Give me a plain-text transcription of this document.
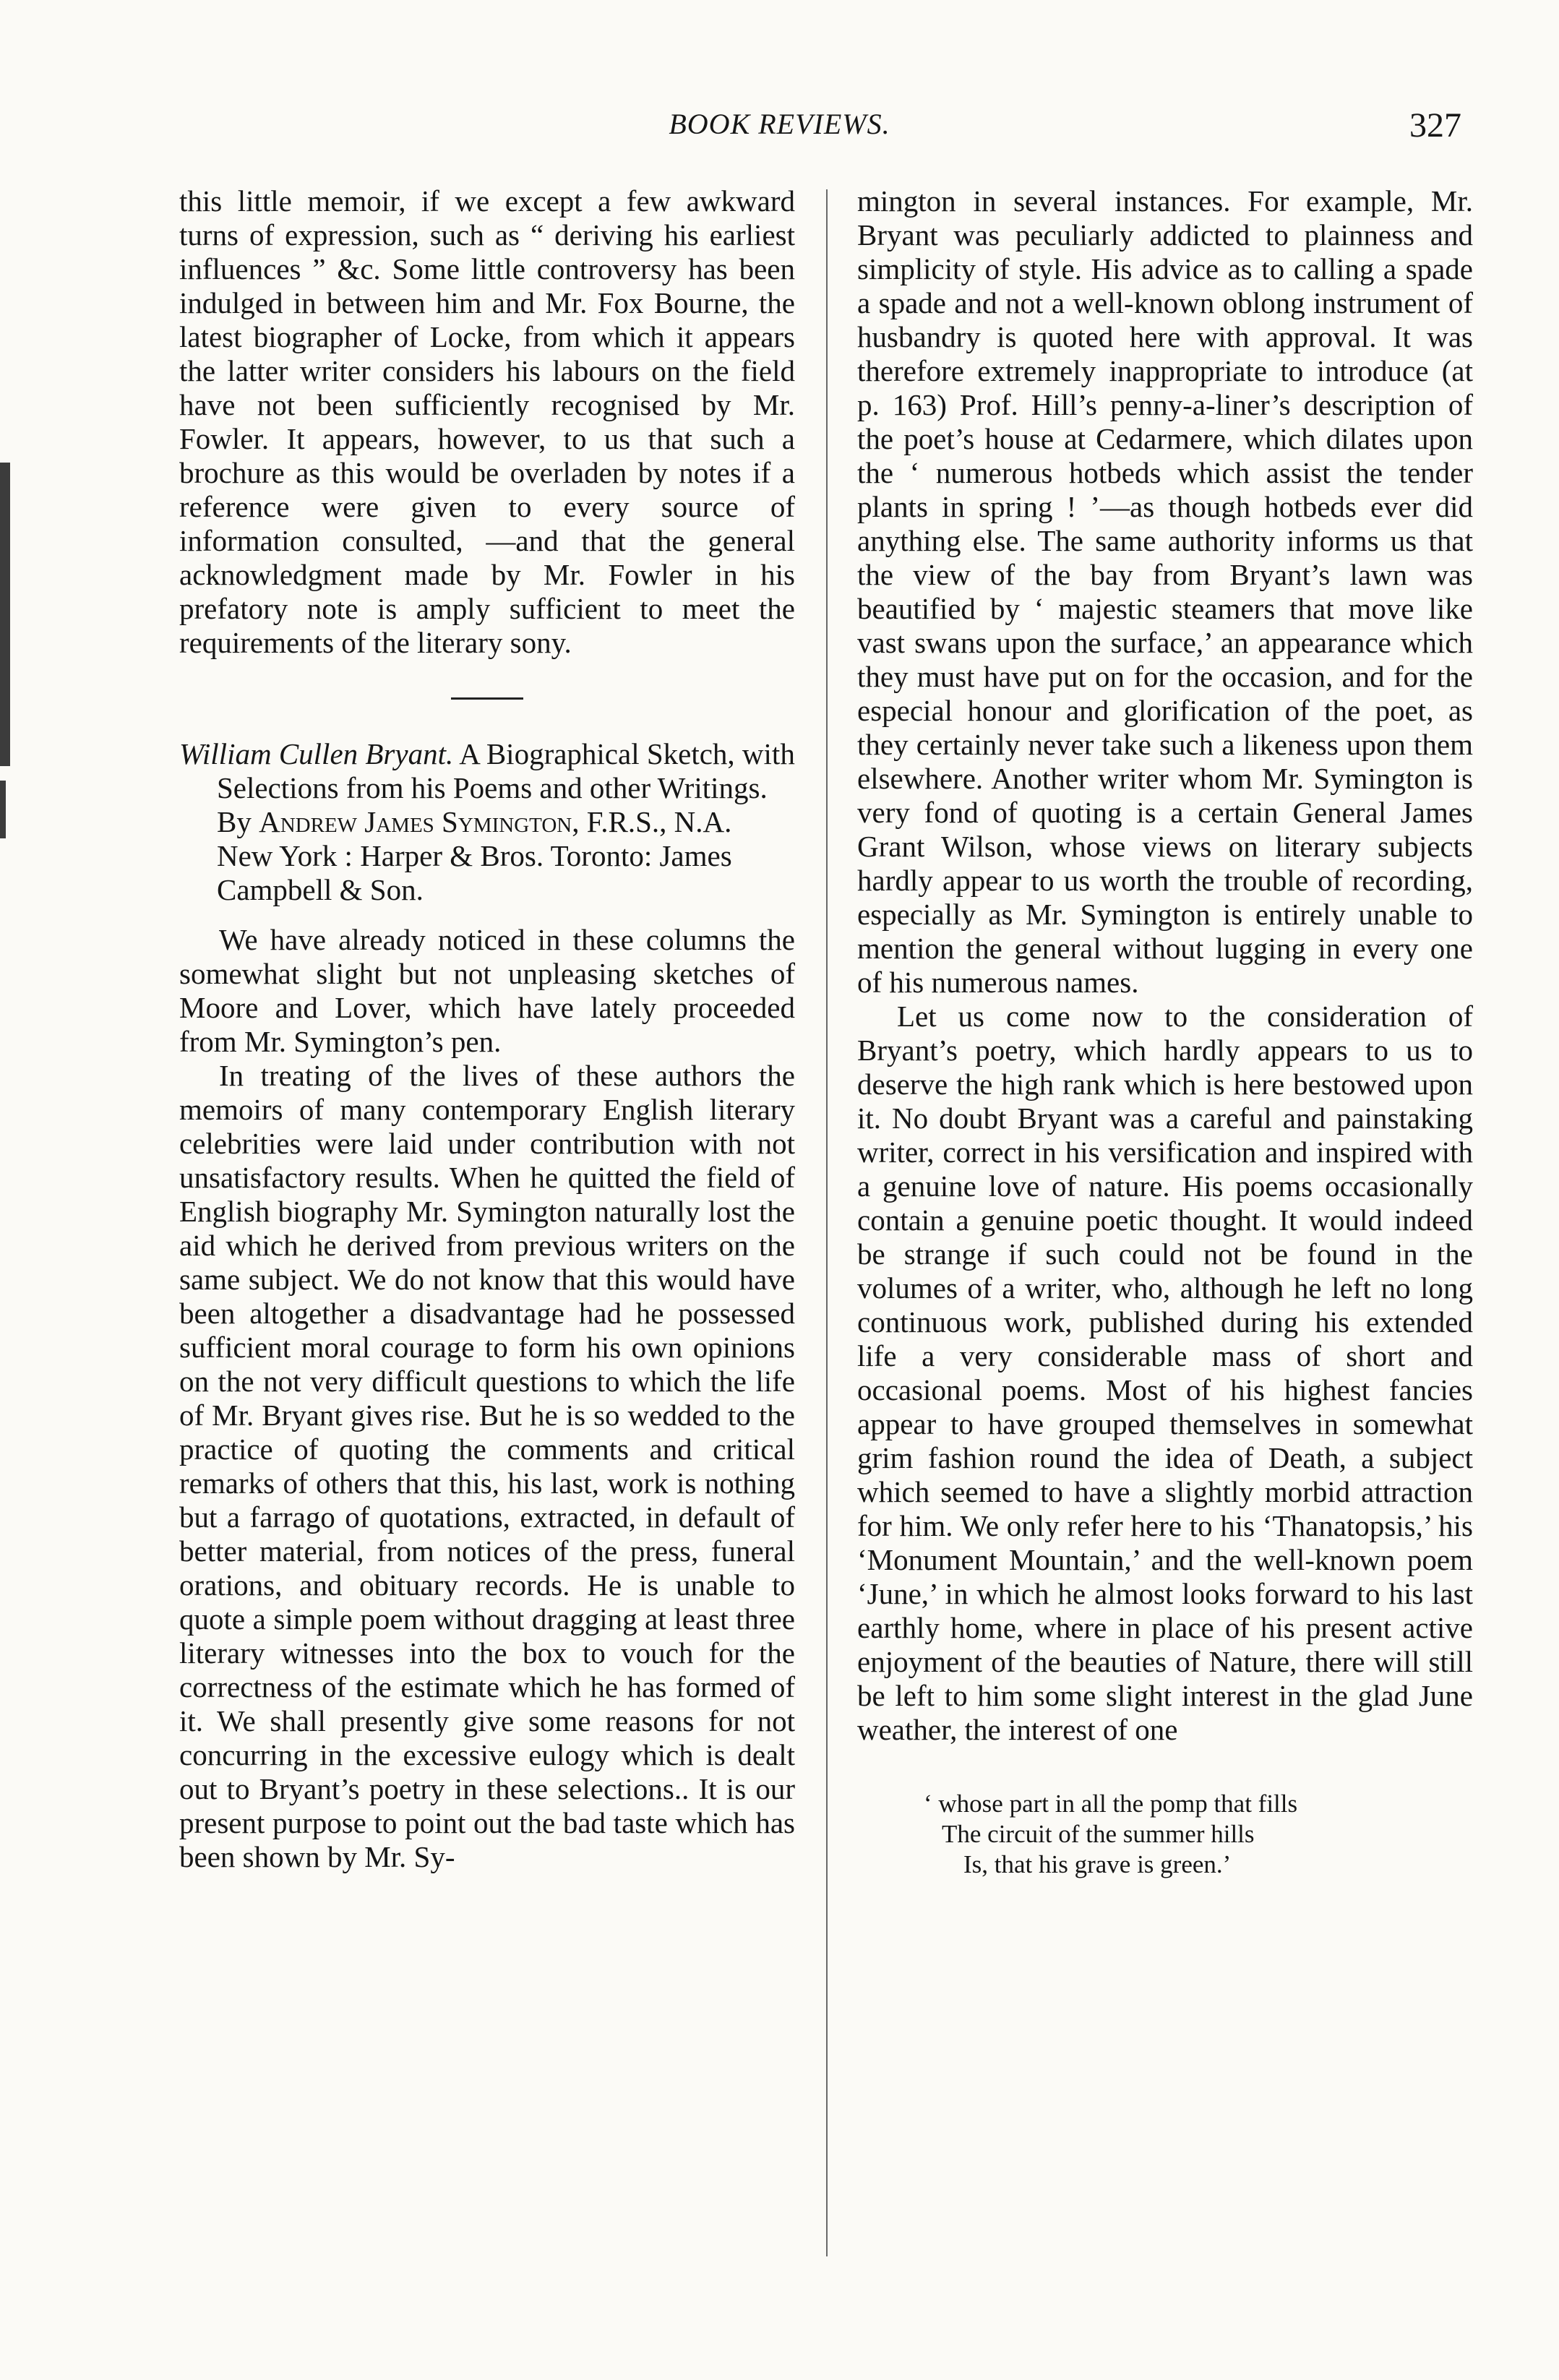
BOOK REVIEWS.	327

this little memoir, if we except a few awkward turns of expression, such as “ deriving his earliest influences ” &c. Some little controversy has been indulged in between him and Mr. Fox Bourne, the latest biographer of Locke, from which it appears the latter writer considers his labours on the field have not been sufficiently recognised by Mr. Fowler. It appears, however, to us that such a brochure as this would be overladen by notes if a reference were given to every source of information consulted, —and that the general acknowledgment made by Mr. Fowler in his prefatory note is amply sufficient to meet the requirements of the literary sony.

William Cullen Bryant. A Biographical Sketch, with Selections from his Poems and other Writings. By Andrew James Symington, F.R.S., N.A. New York : Harper & Bros. Toronto: James Campbell & Son.

We have already noticed in these columns the somewhat slight but not unpleasing sketches of Moore and Lover, which have lately proceeded from Mr. Symington’s pen.

In treating of the lives of these authors the memoirs of many contemporary English literary celebrities were laid under contribution with not unsatisfactory results. When he quitted the field of English biography Mr. Symington naturally lost the aid which he derived from previous writers on the same subject. We do not know that this would have been altogether a disadvantage had he possessed sufficient moral courage to form his own opinions on the not very difficult questions to which the life of Mr. Bryant gives rise. But he is so wedded to the practice of quoting the comments and critical remarks of others that this, his last, work is nothing but a farrago of quotations, extracted, in default of better material, from notices of the press, funeral orations, and obituary records. He is unable to quote a simple poem without dragging at least three literary witnesses into the box to vouch for the correctness of the estimate which he has formed of it. We shall presently give some reasons for not concurring in the excessive eulogy which is dealt out to Bryant’s poetry in these selections.. It is our present purpose to point out the bad taste which has been shown by Mr. Sy-

mington in several instances. For example, Mr. Bryant was peculiarly addicted to plainness and simplicity of style. His advice as to calling a spade a spade and not a well-known oblong instrument of husbandry is quoted here with approval. It was therefore extremely inappropriate to introduce (at p. 163) Prof. Hill’s penny-a-liner’s description of the poet’s house at Cedarmere, which dilates upon the ‘ numerous hotbeds which assist the tender plants in spring ! ’—as though hotbeds ever did anything else. The same authority informs us that the view of the bay from Bryant’s lawn was beautified by ‘ majestic steamers that move like vast swans upon the surface,’ an appearance which they must have put on for the occasion, and for the especial honour and glorification of the poet, as they certainly never take such a likeness upon them elsewhere. Another writer whom Mr. Symington is very fond of quoting is a certain General James Grant Wilson, whose views on literary subjects hardly appear to us worth the trouble of recording, especially as Mr. Symington is entirely unable to mention the general without lugging in every one of his numerous names.

Let us come now to the consideration of Bryant’s poetry, which hardly appears to us to deserve the high rank which is here bestowed upon it. No doubt Bryant was a careful and painstaking writer, correct in his versification and inspired with a genuine love of nature. His poems occasionally contain a genuine poetic thought. It would indeed be strange if such could not be found in the volumes of a writer, who, although he left no long continuous work, published during his extended life a very considerable mass of short and occasional poems. Most of his highest fancies appear to have grouped themselves in somewhat grim fashion round the idea of Death, a subject which seemed to have a slightly morbid attraction for him. We only refer here to his ‘Thanatopsis,’ his ‘Monument Mountain,’ and the well-known poem ‘June,’ in which he almost looks forward to his last earthly home, where in place of his present active enjoyment of the beauties of Nature, there will still be left to him some slight interest in the glad June weather, the interest of one

‘ whose part in all the pomp that fills
The circuit of the summer hills
Is, that his grave is green.’
